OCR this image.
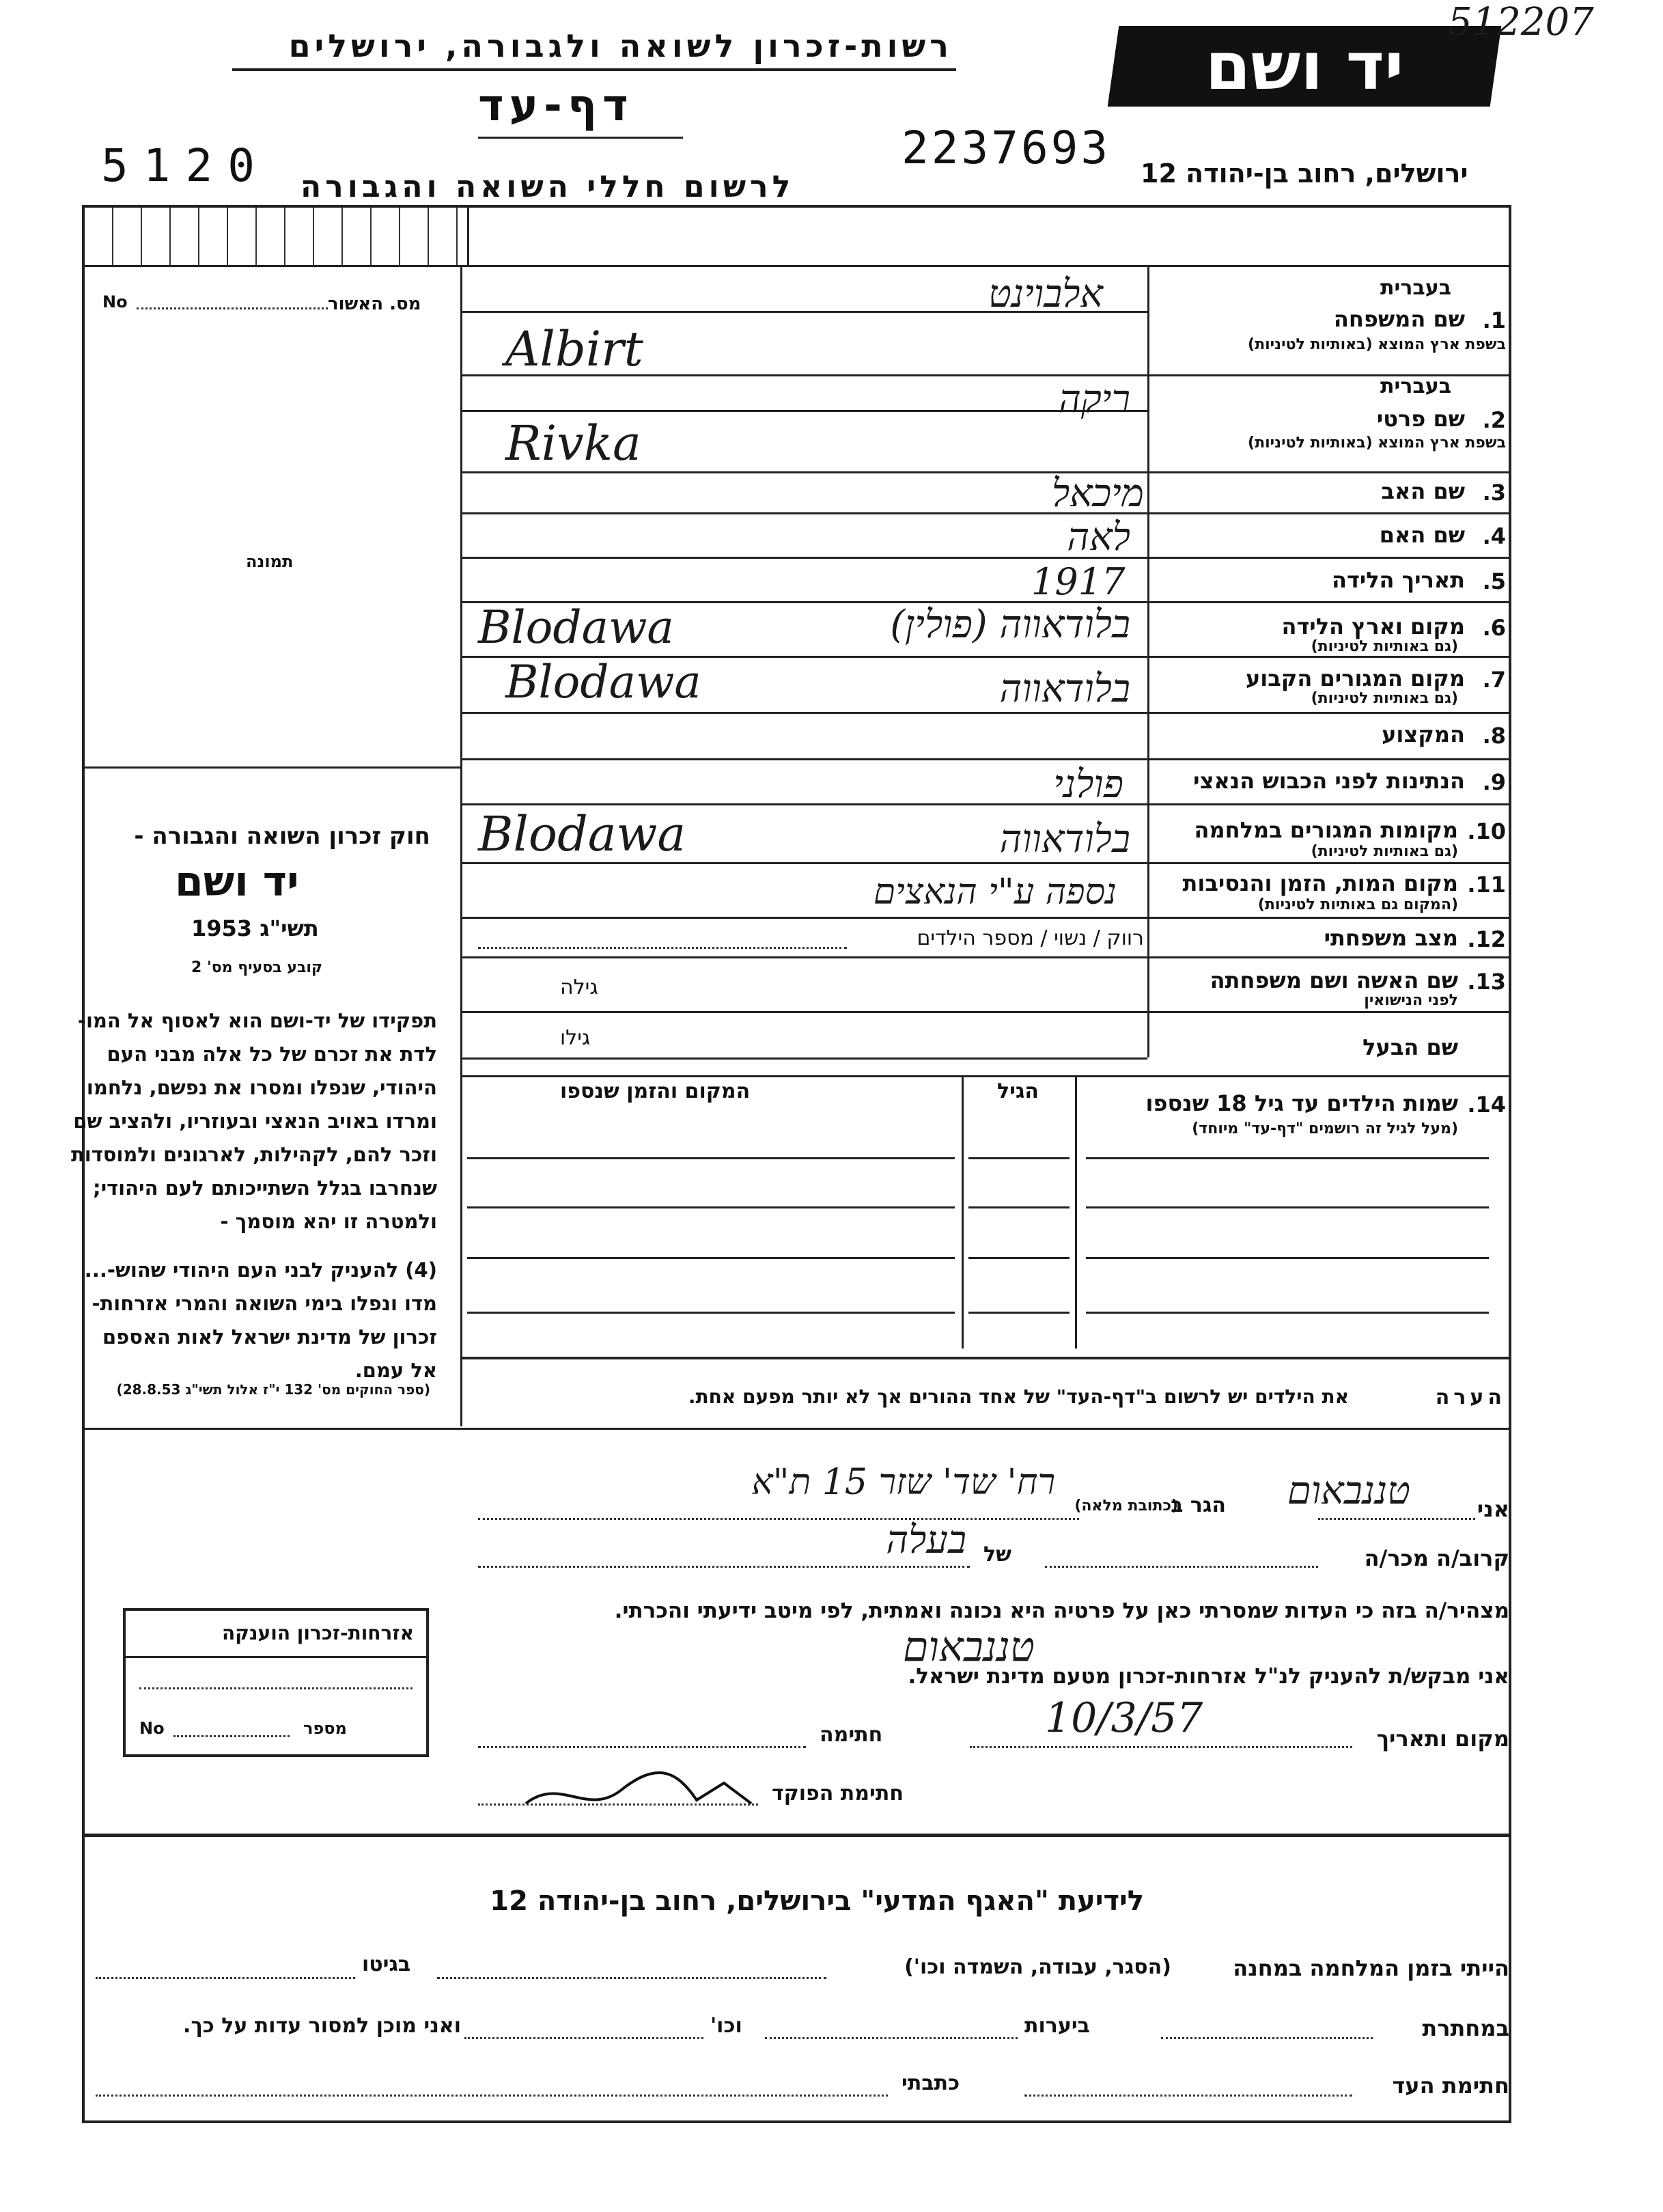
רשות-זכרון לשואה ולגבורה, ירושלים	יד ושם
512207
דף-עד
5120 לרשום חללי השואה והגבורה
2237693 ירושלים, רחוב בן-יהודה 12
מס. האשור
No
תמונה
חוק זכרון השואה והגבורה -
יד ושם
תשי"ג 1953
קובע בסעיף מס' 2
תפקידו של יד-ושם הוא לאסוף אל המו-
לדת את זכרם של כל אלה מבני העם
היהודי, שנפלו ומסרו את נפשם, נלחמו
ומרדו באויב הנאצי ובעוזריו, ולהציב שם
וזכר להם, לקהילות, לארגונים ולמוסדות
שנחרבו בגלל השתייכותם לעם היהודי;
ולמטרה זו יהא מוסמך -
(4) להעניק לבני העם היהודי שהוש-...
מדו ונפלו בימי השואה והמרי אזרחות-
זכרון של מדינת ישראל לאות האספם
אל עמם.
(ספר החוקים מס' 132 י"ז אלול תשי"ג 28.8.53)
בעברית
1.
שם המשפחה
בשפת ארץ המוצא (באותיות לטיניות)
אלבוינט
Albirt
בעברית
2.
שם פרטי
בשפת ארץ המוצא (באותיות לטיניות)
ריקה
Rivka
3.
שם האב
מיכאל
4.
שם האם
לאה
5.
תאריך הלידה
1917
6.
מקום וארץ הלידה
(גם באותיות לטיניות)
בלודאווה (פולין)
Blodawa
7.
מקום המגורים הקבוע
(גם באותיות לטיניות)
בלודאווה
Blodawa
8.
המקצוע
9.
הנתינות לפני הכבוש הנאצי
פולני
10.
מקומות המגורים במלחמה
(גם באותיות לטיניות)
בלודאווה
Blodawa
11.
מקום המות, הזמן והנסיבות
(המקום גם באותיות לטיניות)
נספה ע"י הנאצים
12.
מצב משפחתי
רווק / נשוי / מספר הילדים
13.
שם האשה ושם משפחתה
לפני הנישואין
גילה
שם הבעל
גילו
14.
שמות הילדים עד גיל 18 שנספו
(מעל לגיל זה רושמים "דף-עד" מיוחד)
הגיל
המקום והזמן שנספו
הערה
את הילדים יש לרשום ב"דף-העד" של אחד ההורים אך לא יותר מפעם אחת.
אני
טננבאום
הגר ב
(כתובת מלאה)
רח' שד' שזר 15 ת"א
קרוב/ה מכר/ה
בעלה של
מצהיר/ה בזה כי העדות שמסרתי כאן על פרטיה היא נכונה ואמתית, לפי מיטב ידיעתי והכרתי.
טננבאום
אני מבקש/ת להעניק לנ"ל אזרחות-זכרון מטעם מדינת ישראל.
מקום ותאריך
10/3/57
חתימה
חתימת הפוקד
אזרחות-זכרון הוענקה
מספר
No
לידיעת "האגף המדעי" בירושלים, רחוב בן-יהודה 12
הייתי בזמן המלחמה במחנה
(הסגר, עבודה, השמדה וכו')
בגיטו
במחתרת
ביערות
וכו'
ואני מוכן למסור עדות על כך.
חתימת העד
כתבתי
